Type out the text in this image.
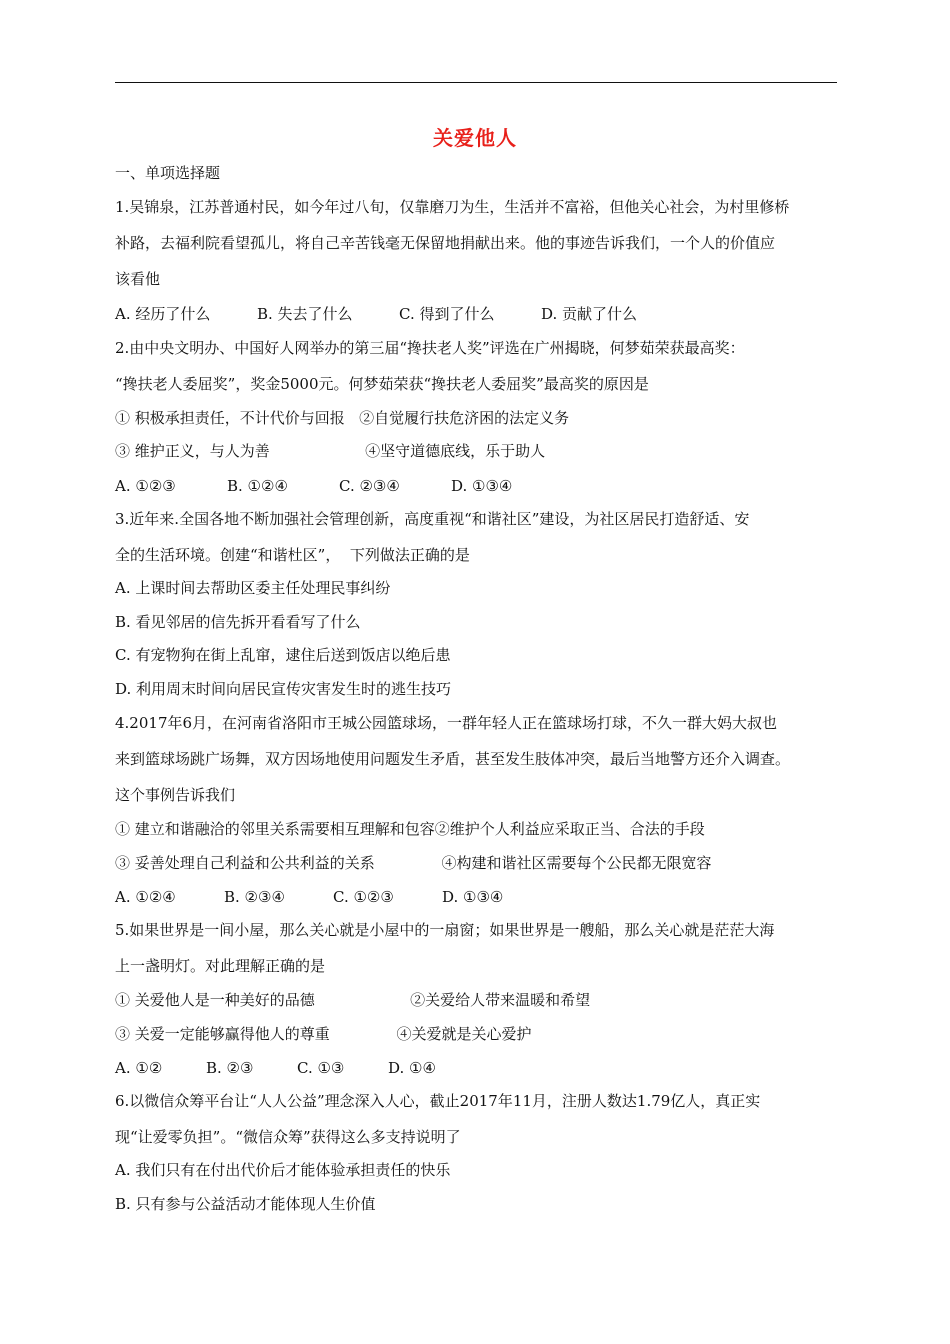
关爱他人
一、单项选择题
1.吴锦泉，江苏普通村民，如今年过八旬，仅靠磨刀为生，生活并不富裕，但他关心社会，为村里修桥
补路，去福利院看望孤儿，将自己辛苦钱毫无保留地捐献出来。他的事迹告诉我们，一个人的价值应
该看他
A. 经历了什么	B. 失去了什么	C. 得到了什么	D. 贡献了什么
2.由中央文明办、中国好人网举办的第三届“搀扶老人奖”评选在广州揭晓，何梦茹荣获最高奖：
“搀扶老人委屈奖”，奖金5000元。何梦茹荣获“搀扶老人委屈奖”最高奖的原因是
① 积极承担责任，不计代价与回报   ②自觉履行扶危济困的法定义务
③ 维护正义，与人为善                    ④坚守道德底线，乐于助人
A. ①②③	B. ①②④	C. ②③④	D. ①③④
3.近年来.全国各地不断加强社会管理创新，高度重视“和谐社区”建设，为社区居民打造舒适、安
全的生活环境。创建“和谐杜区”，  下列做法正确的是
A. 上课时间去帮助区委主任处理民事纠纷
B. 看见邻居的信先拆开看看写了什么
C. 有宠物狗在街上乱窜，逮住后送到饭店以绝后患
D. 利用周末时间向居民宣传灾害发生时的逃生技巧
4.2017年6月，在河南省洛阳市王城公园篮球场，一群年轻人正在篮球场打球，不久一群大妈大叔也
来到篮球场跳广场舞，双方因场地使用问题发生矛盾，甚至发生肢体冲突，最后当地警方还介入调查。
这个事例告诉我们
① 建立和谐融洽的邻里关系需要相互理解和包容②维护个人利益应采取正当、合法的手段
③ 妥善处理自己利益和公共利益的关系              ④构建和谐社区需要每个公民都无限宽容
A. ①②④	B. ②③④	C. ①②③	D. ①③④
5.如果世界是一间小屋，那么关心就是小屋中的一扇窗；如果世界是一艘船，那么关心就是茫茫大海
上一盏明灯。对此理解正确的是
① 关爱他人是一种美好的品德                    ②关爱给人带来温暖和希望
③ 关爱一定能够赢得他人的尊重              ④关爱就是关心爱护
A. ①②	B. ②③	C. ①③	D. ①④
6.以微信众筹平台让“人人公益”理念深入人心，截止2017年11月，注册人数达1.79亿人，真正实
现“让爱零负担”。“微信众筹”获得这么多支持说明了
A. 我们只有在付出代价后才能体验承担责任的快乐
B. 只有参与公益活动才能体现人生价值
